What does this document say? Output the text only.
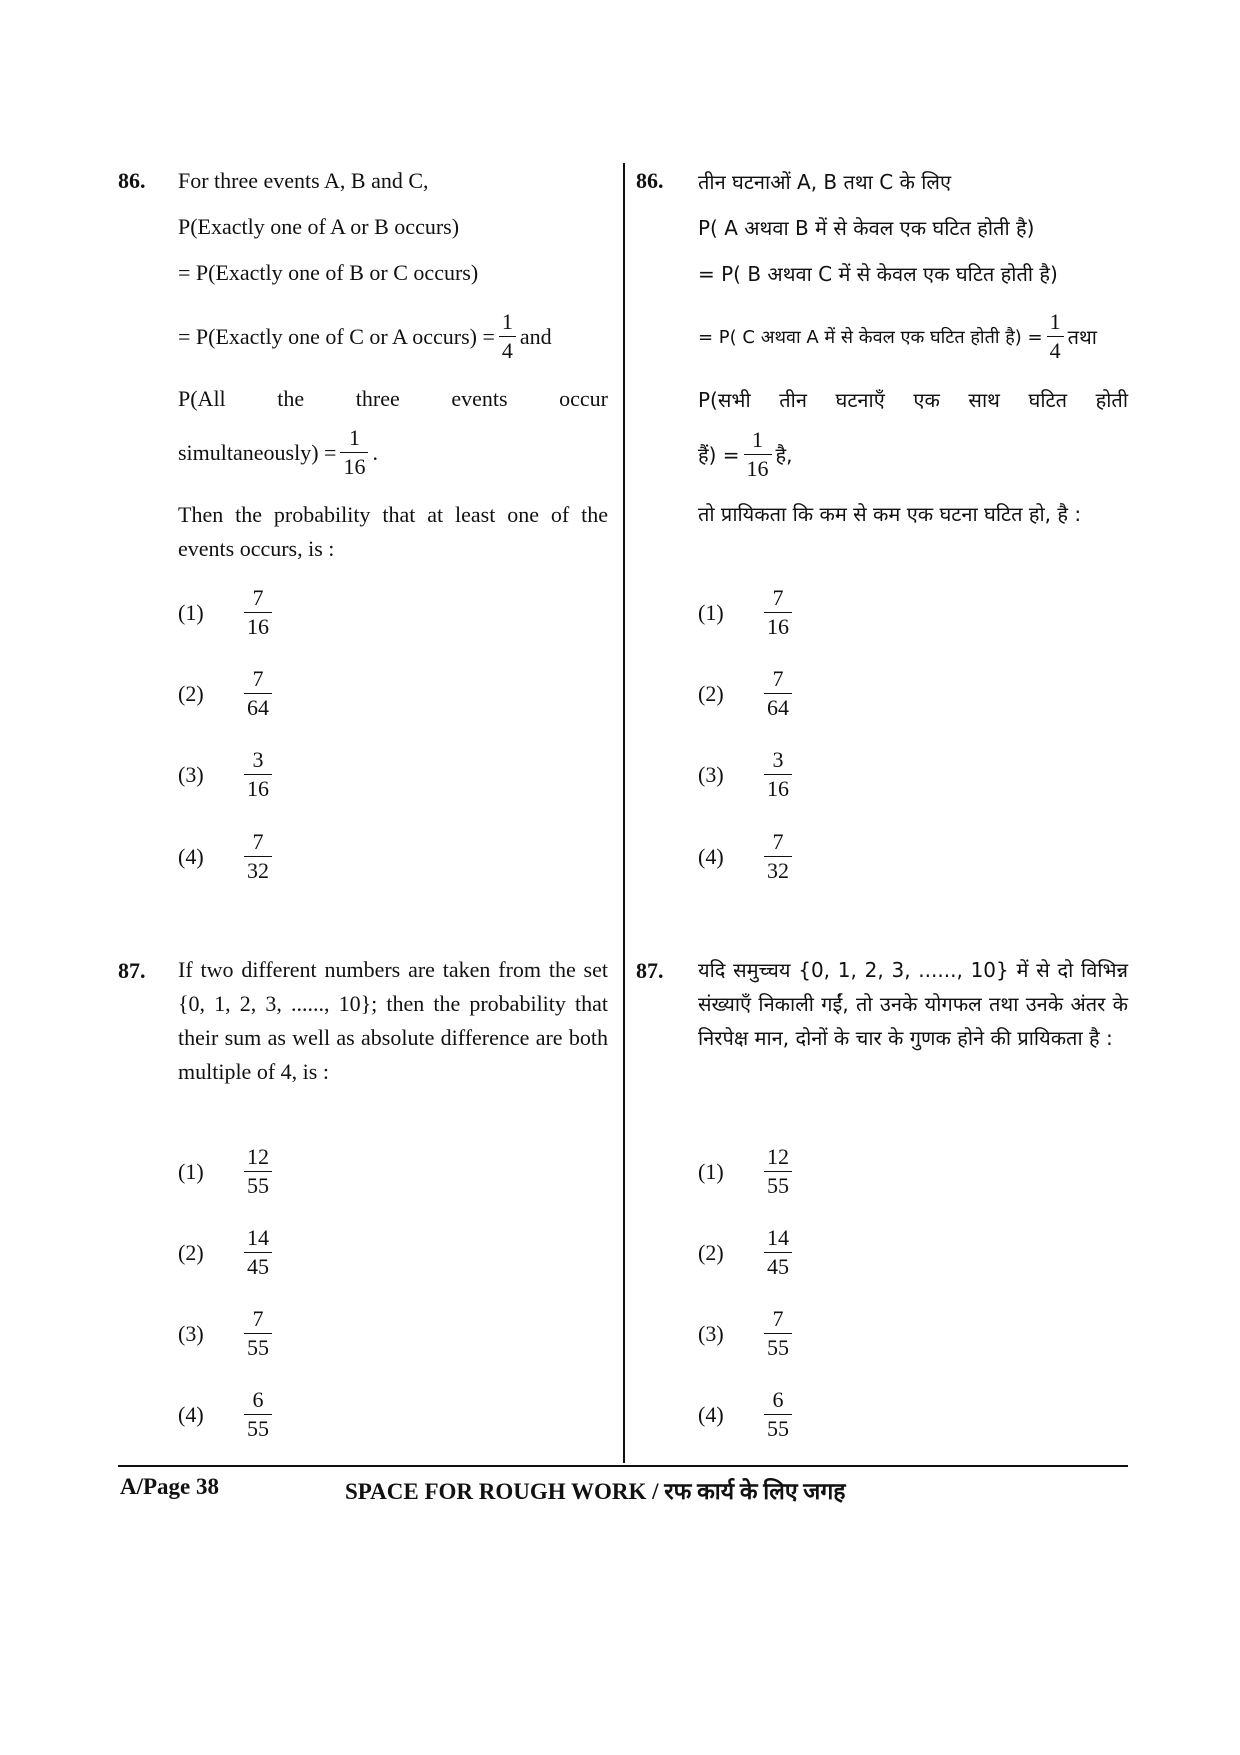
86. For three events A, B and C,
P(Exactly one of A or B occurs)
= P(Exactly one of B or C occurs)
= P(Exactly one of C or A occurs) = $\frac{1}{4}$ and
P(All the three events occur
simultaneously) = $\frac{1}{16}$ .
Then the probability that at least one of the events occurs, is :
(1)	$\frac{7}{16}$
(2)	$\frac{7}{64}$
(3)	$\frac{3}{16}$
(4)	$\frac{7}{32}$
87. If two different numbers are taken from the set {0, 1, 2, 3, ......, 10}; then the probability that their sum as well as absolute difference are both multiple of 4, is :
(1)	$\frac{12}{55}$
(2)	$\frac{14}{45}$
(3)	$\frac{7}{55}$
(4)	$\frac{6}{55}$
86. तीन घटनाओं A, B तथा C के लिए
P( A अथवा B में से केवल एक घटित होती है)
= P( B अथवा C में से केवल एक घटित होती है)
= P( C अथवा A में से केवल एक घटित होती है) = $\frac{1}{4}$ तथा
P(सभी तीन घटनाएँ एक साथ घटित होती
हैं) = $\frac{1}{16}$ है,
तो प्रायिकता कि कम से कम एक घटना घटित हो, है :
(1)	$\frac{7}{16}$
(2)	$\frac{7}{64}$
(3)	$\frac{3}{16}$
(4)	$\frac{7}{32}$
87. यदि समुच्चय {0, 1, 2, 3, ......, 10} में से दो विभिन्न संख्याएँ निकाली गईं, तो उनके योगफल तथा उनके अंतर के निरपेक्ष मान, दोनों के चार के गुणक होने की प्रायिकता है :
(1)	$\frac{12}{55}$
(2)	$\frac{14}{45}$
(3)	$\frac{7}{55}$
(4)	$\frac{6}{55}$
A/Page 38	SPACE FOR ROUGH WORK / रफ कार्य के लिए जगह
